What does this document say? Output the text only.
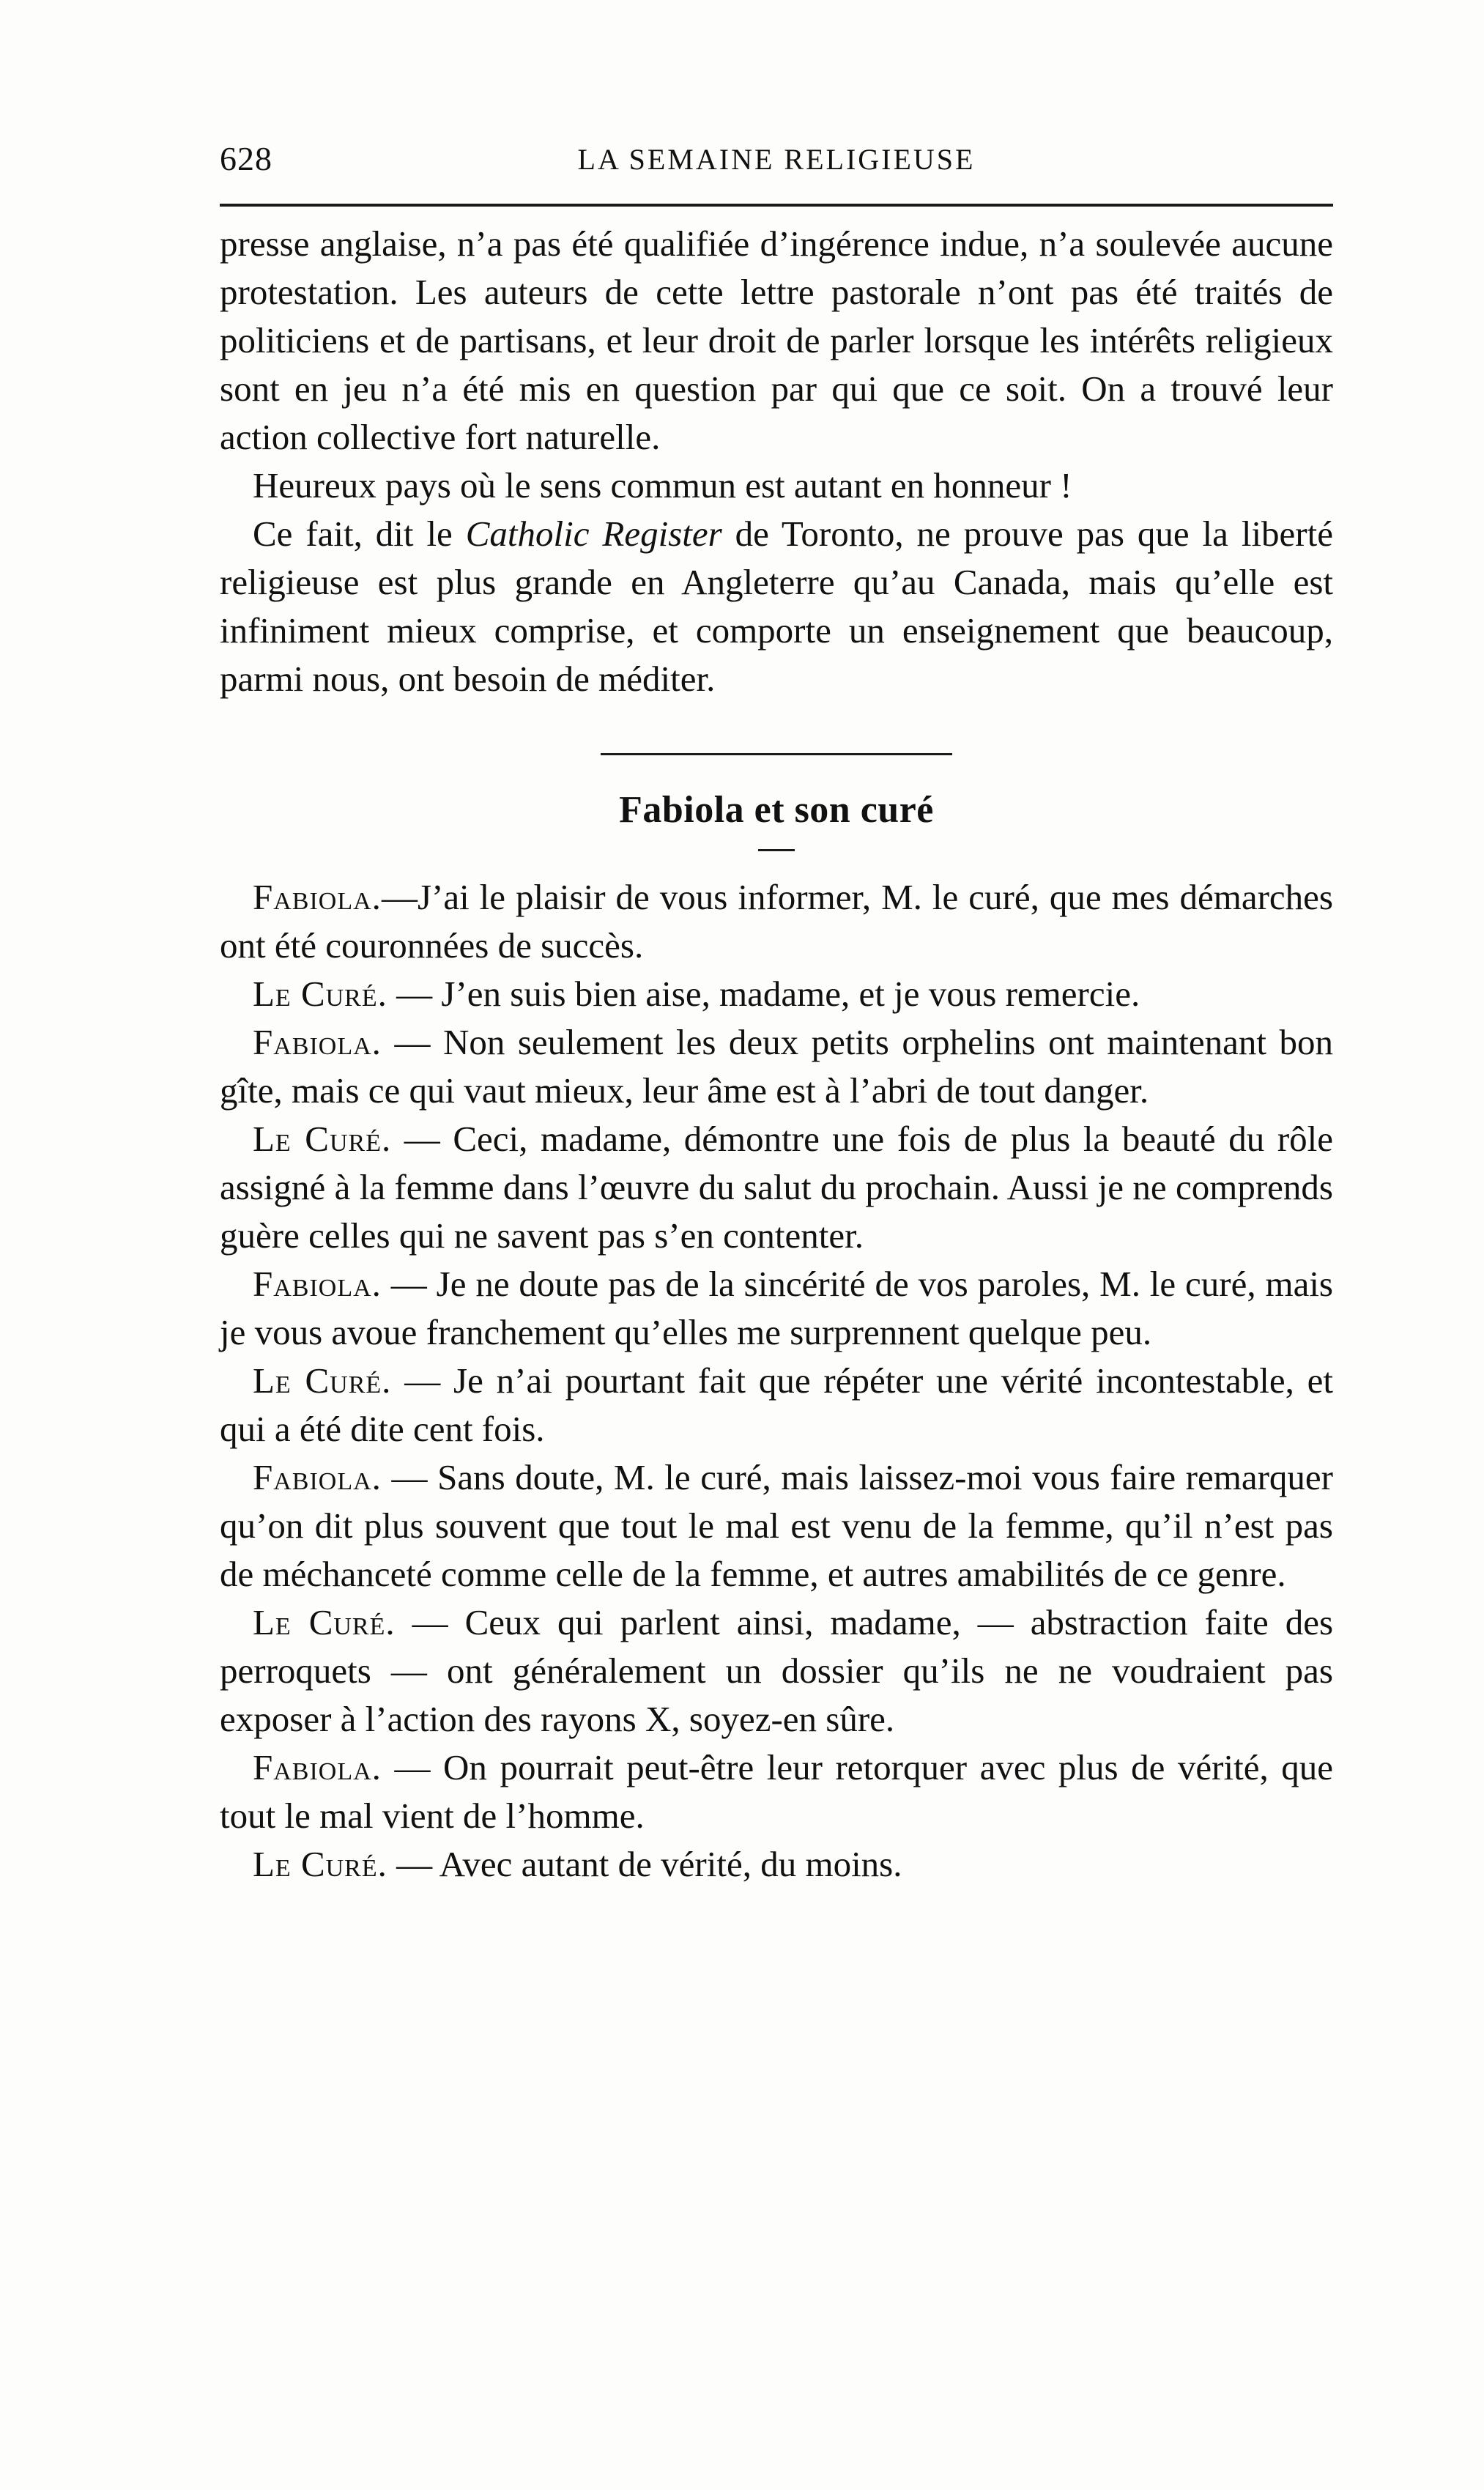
628	LA SEMAINE RELIGIEUSE

presse anglaise, n’a pas été qualifiée d’ingérence indue, n’a soulevée aucune protestation. Les auteurs de cette lettre pastorale n’ont pas été traités de politiciens et de partisans, et leur droit de parler lorsque les intérêts religieux sont en jeu n’a été mis en question par qui que ce soit. On a trouvé leur action collective fort naturelle.

Heureux pays où le sens commun est autant en honneur !

Ce fait, dit le Catholic Register de Toronto, ne prouve pas que la liberté religieuse est plus grande en Angleterre qu’au Canada, mais qu’elle est infiniment mieux comprise, et comporte un enseignement que beaucoup, parmi nous, ont besoin de méditer.

Fabiola et son curé

Fabiola.—J’ai le plaisir de vous informer, M. le curé, que mes démarches ont été couronnées de succès.

Le Curé. — J’en suis bien aise, madame, et je vous remercie.

Fabiola. — Non seulement les deux petits orphelins ont maintenant bon gîte, mais ce qui vaut mieux, leur âme est à l’abri de tout danger.

Le Curé. — Ceci, madame, démontre une fois de plus la beauté du rôle assigné à la femme dans l’œuvre du salut du prochain. Aussi je ne comprends guère celles qui ne savent pas s’en contenter.

Fabiola. — Je ne doute pas de la sincérité de vos paroles, M. le curé, mais je vous avoue franchement qu’elles me surprennent quelque peu.

Le Curé. — Je n’ai pourtant fait que répéter une vérité incontestable, et qui a été dite cent fois.

Fabiola. — Sans doute, M. le curé, mais laissez-moi vous faire remarquer qu’on dit plus souvent que tout le mal est venu de la femme, qu’il n’est pas de méchanceté comme celle de la femme, et autres amabilités de ce genre.

Le Curé. — Ceux qui parlent ainsi, madame, — abstraction faite des perroquets — ont généralement un dossier qu’ils ne ne voudraient pas exposer à l’action des rayons X, soyez-en sûre.

Fabiola. — On pourrait peut-être leur retorquer avec plus de vérité, que tout le mal vient de l’homme.

Le Curé. — Avec autant de vérité, du moins.
